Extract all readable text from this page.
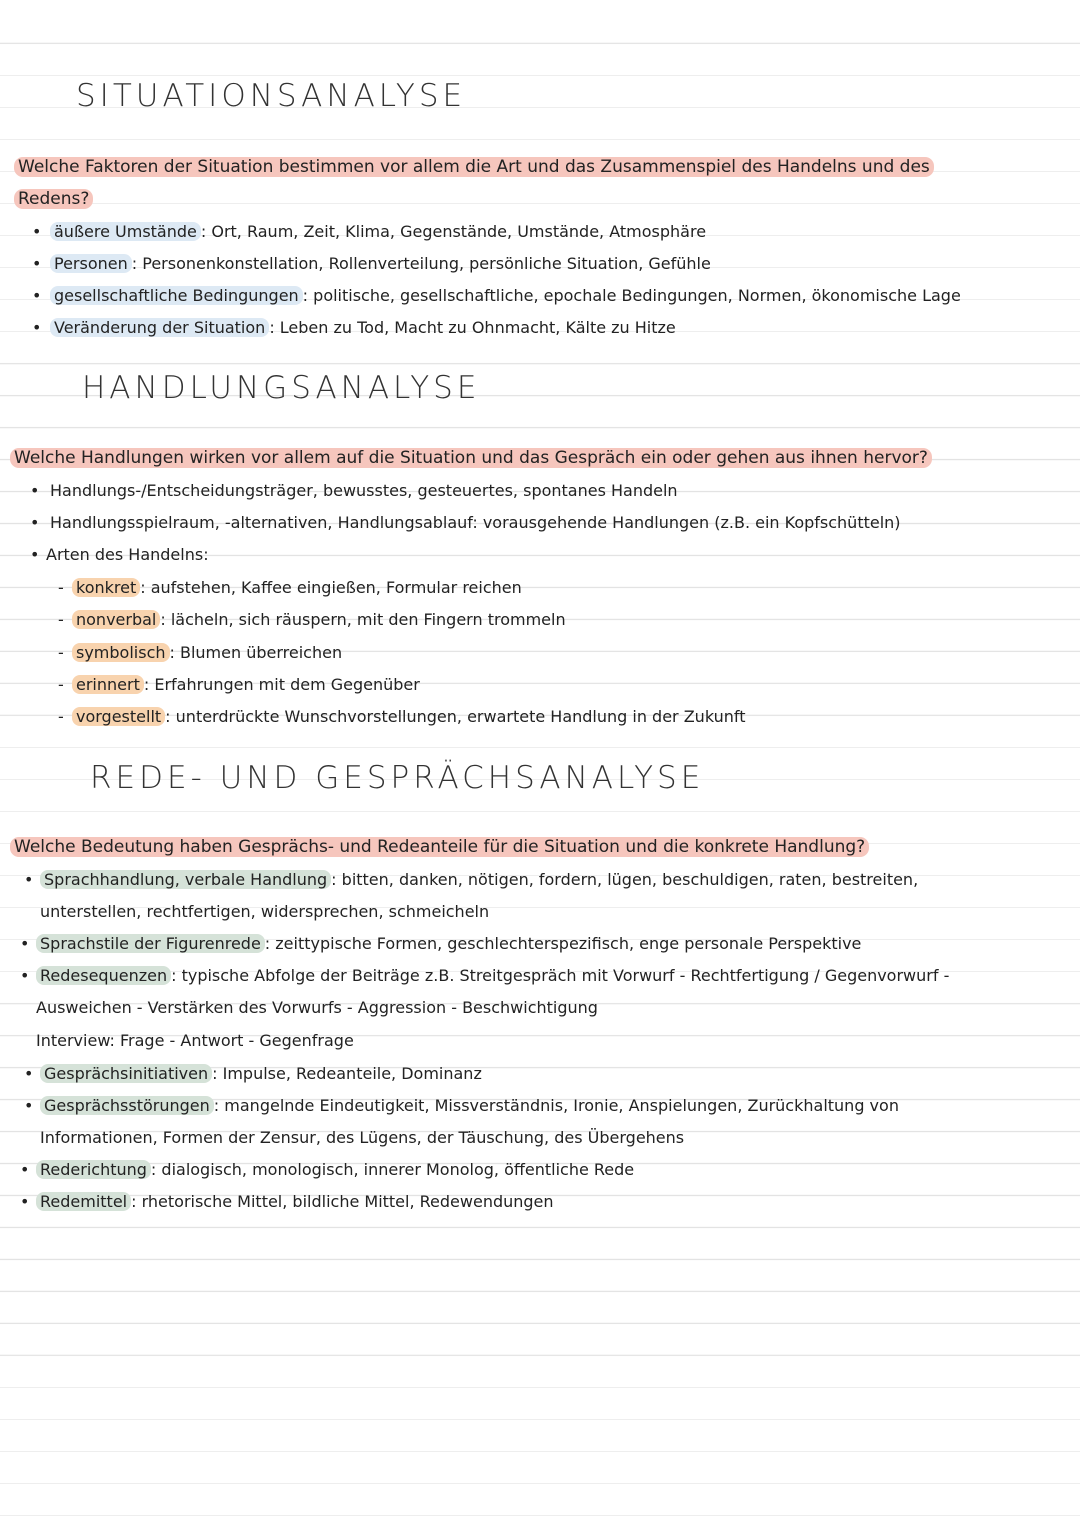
SITUATIONSANALYSE
Welche Faktoren der Situation bestimmen vor allem die Art und das Zusammenspiel des Handelns und des
Redens?
• äußere Umstände : Ort, Raum, Zeit, Klima, Gegenstände, Umstände, Atmosphäre
• Personen : Personenkonstellation, Rollenverteilung, persönliche Situation, Gefühle
• gesellschaftliche Bedingungen : politische, gesellschaftliche, epochale Bedingungen, Normen, ökonomische Lage
• Veränderung der Situation : Leben zu Tod, Macht zu Ohnmacht, Kälte zu Hitze
HANDLUNGSANALYSE
Welche Handlungen wirken vor allem auf die Situation und das Gespräch ein oder gehen aus ihnen hervor?
• Handlungs-/Entscheidungsträger, bewusstes, gesteuertes, spontanes Handeln
• Handlungsspielraum, -alternativen, Handlungsablauf: vorausgehende Handlungen (z.B. ein Kopfschütteln)
• Arten des Handelns:
- konkret : aufstehen, Kaffee eingießen, Formular reichen
- nonverbal : lächeln, sich räuspern, mit den Fingern trommeln
- symbolisch : Blumen überreichen
- erinnert : Erfahrungen mit dem Gegenüber
- vorgestellt : unterdrückte Wunschvorstellungen, erwartete Handlung in der Zukunft
REDE- UND GESPRÄCHSANALYSE
Welche Bedeutung haben Gesprächs- und Redeanteile für die Situation und die konkrete Handlung?
• Sprachhandlung, verbale Handlung : bitten, danken, nötigen, fordern, lügen, beschuldigen, raten, bestreiten,
unterstellen, rechtfertigen, widersprechen, schmeicheln
• Sprachstile der Figurenrede : zeittypische Formen, geschlechterspezifisch, enge personale Perspektive
• Redesequenzen : typische Abfolge der Beiträge z.B. Streitgespräch mit Vorwurf - Rechtfertigung / Gegenvorwurf -
Ausweichen - Verstärken des Vorwurfs - Aggression - Beschwichtigung
Interview: Frage - Antwort - Gegenfrage
• Gesprächsinitiativen : Impulse, Redeanteile, Dominanz
• Gesprächsstörungen : mangelnde Eindeutigkeit, Missverständnis, Ironie, Anspielungen, Zurückhaltung von
Informationen, Formen der Zensur, des Lügens, der Täuschung, des Übergehens
• Rederichtung : dialogisch, monologisch, innerer Monolog, öffentliche Rede
• Redemittel : rhetorische Mittel, bildliche Mittel, Redewendungen
